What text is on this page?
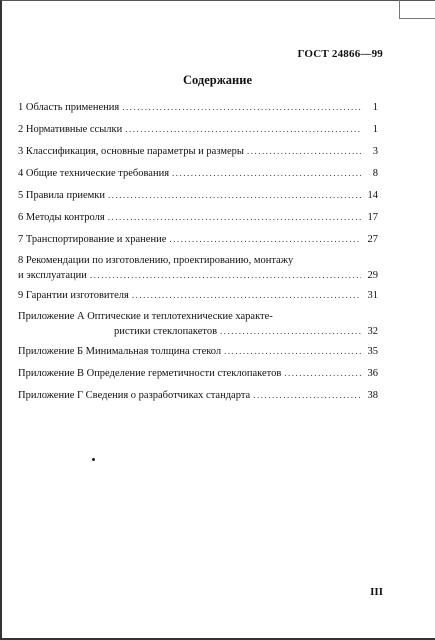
ГОСТ 24866—99
Содержание
1 Область применения .....	1
2 Нормативные ссылки .....	1
3 Классификация, основные параметры и размеры .....	3
4 Общие технические требования .....	8
5 Правила приемки .....	14
6 Методы контроля .....	17
7 Транспортирование и хранение .....	27
8 Рекомендации по изготовлению, проектированию, монтажу
и эксплуатации .....	29
9 Гарантии изготовителя .....	31
Приложение А Оптические и теплотехнические характе-
ристики стеклопакетов .....	32
Приложение Б Минимальная толщина стекол .....	35
Приложение В Определение герметичности стеклопакетов .....	36
Приложение Г Сведения о разработчиках стандарта .....	38
III
